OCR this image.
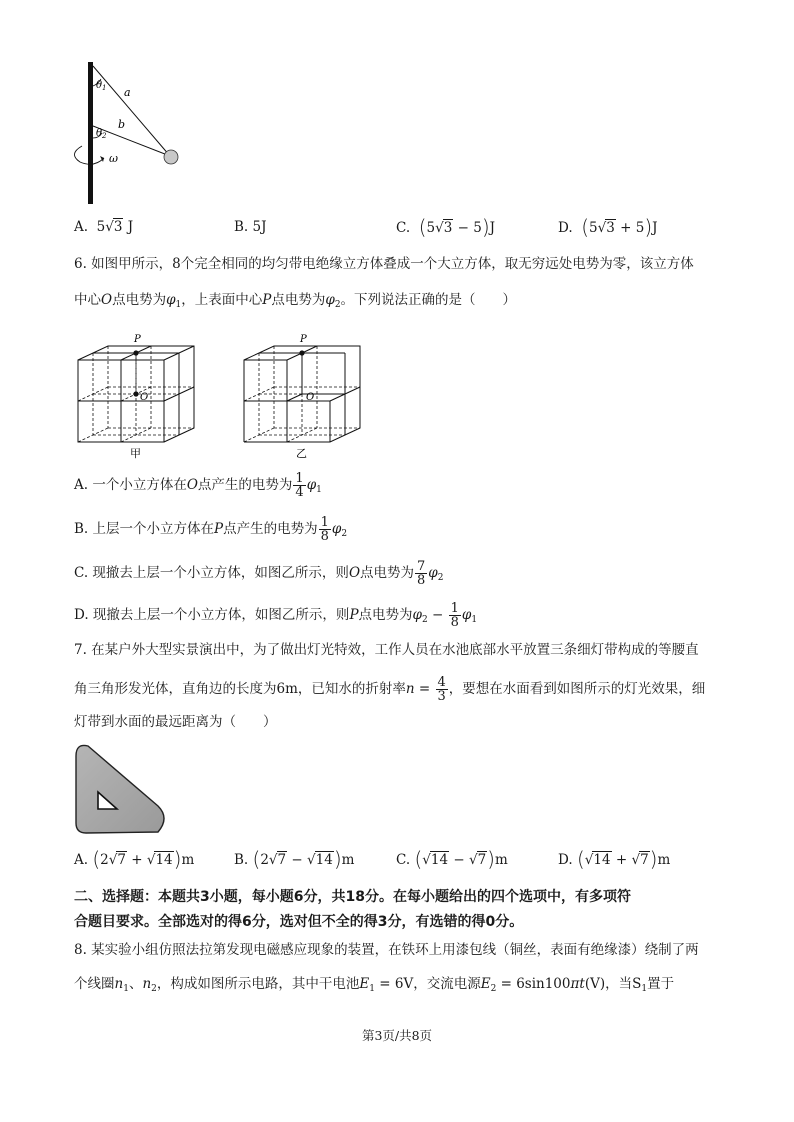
$\theta_1$
$\theta_2$
a
b
ω
A. 5√3 J	B. 5J	C. (5√3 − 5)J	D. (5√3 + 5)J
6. 如图甲所示，8个完全相同的均匀带电绝缘立方体叠成一个大立方体，取无穷远处电势为零，该立方体
中心O点电势为$\varphi_1$，上表面中心P点电势为$\varphi_2$。下列说法正确的是（　　）
P
O
甲
P
O
乙
A. 一个小立方体在O点产生的电势为 $\frac{1}{4} \varphi_1$
B. 上层一个小立方体在P点产生的电势为 $\frac{1}{8} \varphi_2$
C. 现撤去上层一个小立方体，如图乙所示，则O点电势为 $\frac{7}{8} \varphi_2$
D. 现撤去上层一个小立方体，如图乙所示，则P点电势为$\varphi_2 - \frac{1}{8} \varphi_1$
7. 在某户外大型实景演出中，为了做出灯光特效，工作人员在水池底部水平放置三条细灯带构成的等腰直
角三角形发光体，直角边的长度为6m，已知水的折射率$n = \frac{4}{3}$ ，要想在水面看到如图所示的灯光效果，细
灯带到水面的最远距离为（　　）
A. (2√7 + √14)m	B. (2√7 − √14)m	C. (√14 − √7)m	D. (√14 + √7)m
二、选择题：本题共3小题，每小题6分，共18分。在每小题给出的四个选项中，有多项符
合题目要求。全部选对的得6分，选对但不全的得3分，有选错的得0分。
8. 某实验小组仿照法拉第发现电磁感应现象的装置，在铁环上用漆包线（铜丝，表面有绝缘漆）绕制了两
个线圈$n_1$、$n_2$，构成如图所示电路，其中干电池$E_1 = 6V$，交流电源$E_2 = 6\sin 100\pi t(V)$，当$S_1$置于
第3页/共8页
